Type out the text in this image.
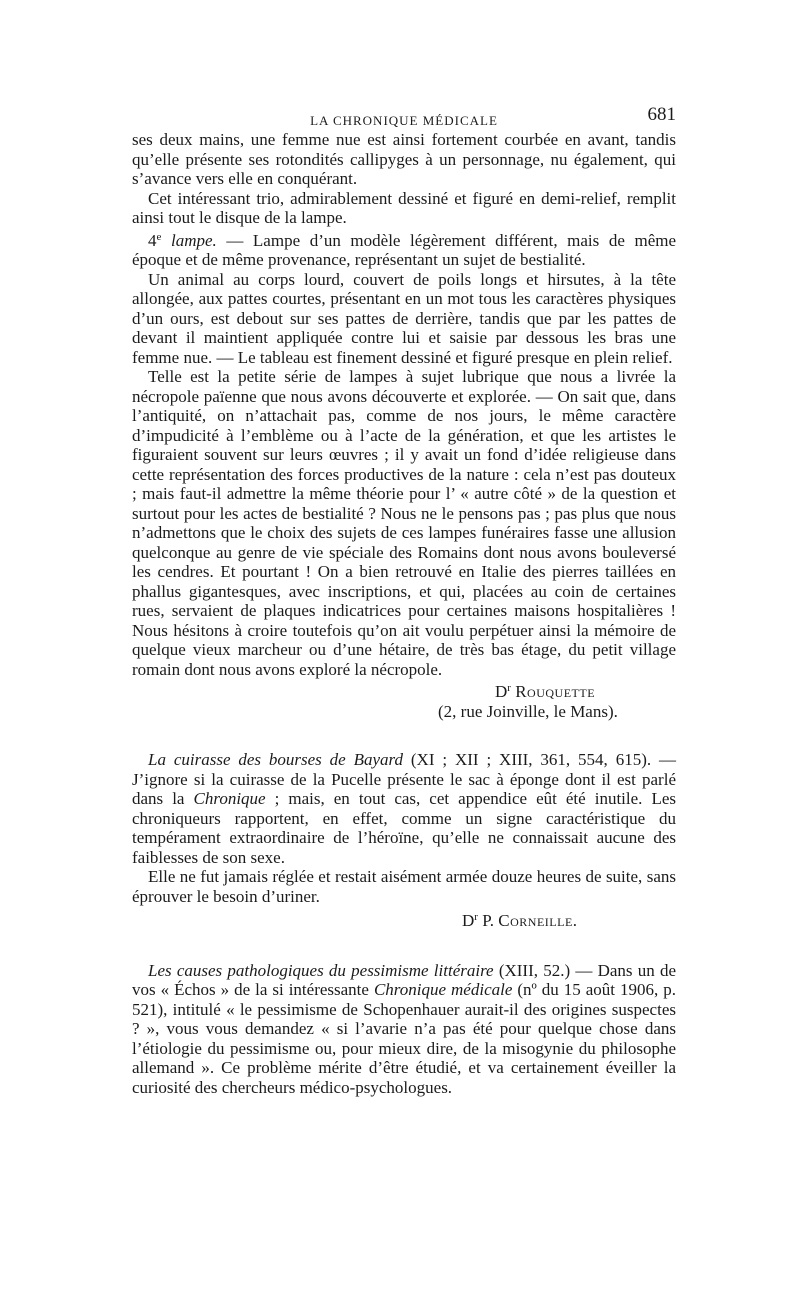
$_{LA CHRONIQUE MÉDICALE}$	681

ses deux mains, une femme nue est ainsi fortement courbée en avant, tandis qu’elle présente ses rotondités callipyges à un personnage, nu également, qui s’avance vers elle en conquérant.

Cet intéressant trio, admirablement dessiné et figuré en demi-relief, remplit ainsi tout le disque de la lampe.

4e lampe. — Lampe d’un modèle légèrement différent, mais de même époque et de même provenance, représentant un sujet de bestialité.

Un animal au corps lourd, couvert de poils longs et hirsutes, à la tête allongée, aux pattes courtes, présentant en un mot tous les caractères physiques d’un ours, est debout sur ses pattes de derrière, tandis que par les pattes de devant il maintient appliquée contre lui et saisie par dessous les bras une femme nue. — Le tableau est finement dessiné et figuré presque en plein relief.

Telle est la petite série de lampes à sujet lubrique que nous a livrée la nécropole païenne que nous avons découverte et explorée. — On sait que, dans l’antiquité, on n’attachait pas, comme de nos jours, le même caractère d’impudicité à l’emblème ou à l’acte de la génération, et que les artistes le figuraient souvent sur leurs œuvres ; il y avait un fond d’idée religieuse dans cette représentation des forces productives de la nature : cela n’est pas douteux ; mais faut-il admettre la même théorie pour l’ « autre côté » de la question et surtout pour les actes de bestialité ? Nous ne le pensons pas ; pas plus que nous n’admettons que le choix des sujets de ces lampes funéraires fasse une allusion quelconque au genre de vie spéciale des Romains dont nous avons bouleversé les cendres. Et pourtant ! On a bien retrouvé en Italie des pierres taillées en phallus gigantesques, avec inscriptions, et qui, placées au coin de certaines rues, servaient de plaques indicatrices pour certaines maisons hospitalières ! Nous hésitons à croire toutefois qu’on ait voulu perpétuer ainsi la mémoire de quelque vieux marcheur ou d’une hétaire, de très bas étage, du petit village romain dont nous avons exploré la nécropole.

$D^r$ Rouquette

(2, rue Joinville, le Mans).

La cuirasse des bourses de Bayard (XI ; XII ; XIII, 361, 554, 615). — J’ignore si la cuirasse de la Pucelle présente le sac à éponge dont il est parlé dans la Chronique ; mais, en tout cas, cet appendice eût été inutile. Les chroniqueurs rapportent, en effet, comme un signe caractéristique du tempérament extraordinaire de l’héroïne, qu’elle ne connaissait aucune des faiblesses de son sexe.

Elle ne fut jamais réglée et restait aisément armée douze heures de suite, sans éprouver le besoin d’uriner.

$D^r$ P. Corneille.

Les causes pathologiques du pessimisme littéraire (XIII, 52.) — Dans un de vos « Échos » de la si intéressante Chronique médicale (nº du 15 août 1906, p. 521), intitulé « le pessimisme de Schopenhauer aurait-il des origines suspectes ? », vous vous demandez « si l’avarie n’a pas été pour quelque chose dans l’étiologie du pessimisme ou, pour mieux dire, de la misogynie du philosophe allemand ». Ce problème mérite d’être étudié, et va certainement éveiller la curiosité des chercheurs médico-psychologues.
